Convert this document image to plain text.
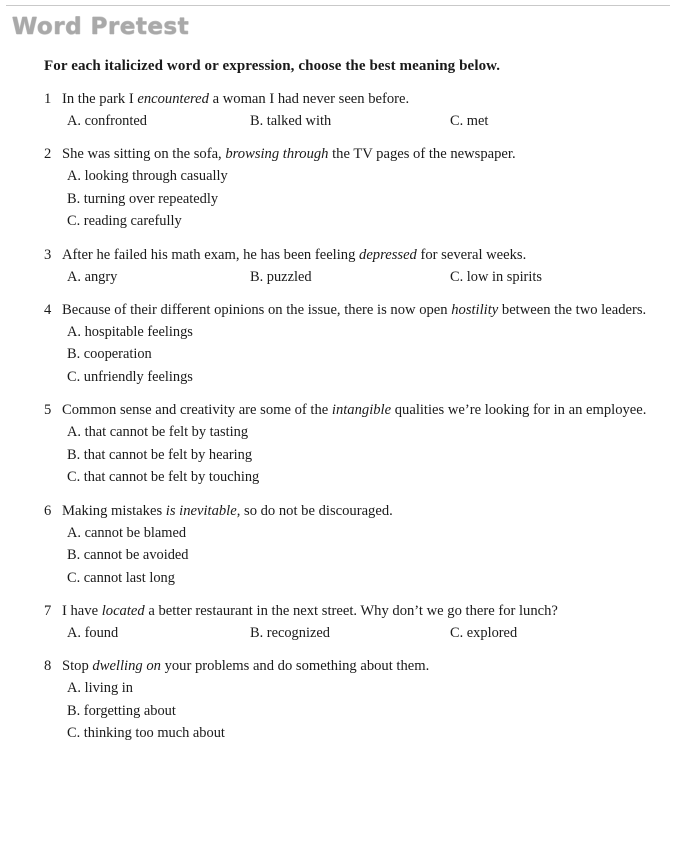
Word Pretest
For each italicized word or expression, choose the best meaning below.
1 In the park I encountered a woman I had never seen before.
A. confronted	B. talked with	C. met
2 She was sitting on the sofa, browsing through the TV pages of the newspaper.
A. looking through casually
B. turning over repeatedly
C. reading carefully
3 After he failed his math exam, he has been feeling depressed for several weeks.
A. angry	B. puzzled	C. low in spirits
4 Because of their different opinions on the issue, there is now open hostility between the two leaders.
A. hospitable feelings
B. cooperation
C. unfriendly feelings
5 Common sense and creativity are some of the intangible qualities we’re looking for in an employee.
A. that cannot be felt by tasting
B. that cannot be felt by hearing
C. that cannot be felt by touching
6 Making mistakes is inevitable, so do not be discouraged.
A. cannot be blamed
B. cannot be avoided
C. cannot last long
7 I have located a better restaurant in the next street. Why don’t we go there for lunch?
A. found	B. recognized	C. explored
8 Stop dwelling on your problems and do something about them.
A. living in
B. forgetting about
C. thinking too much about
